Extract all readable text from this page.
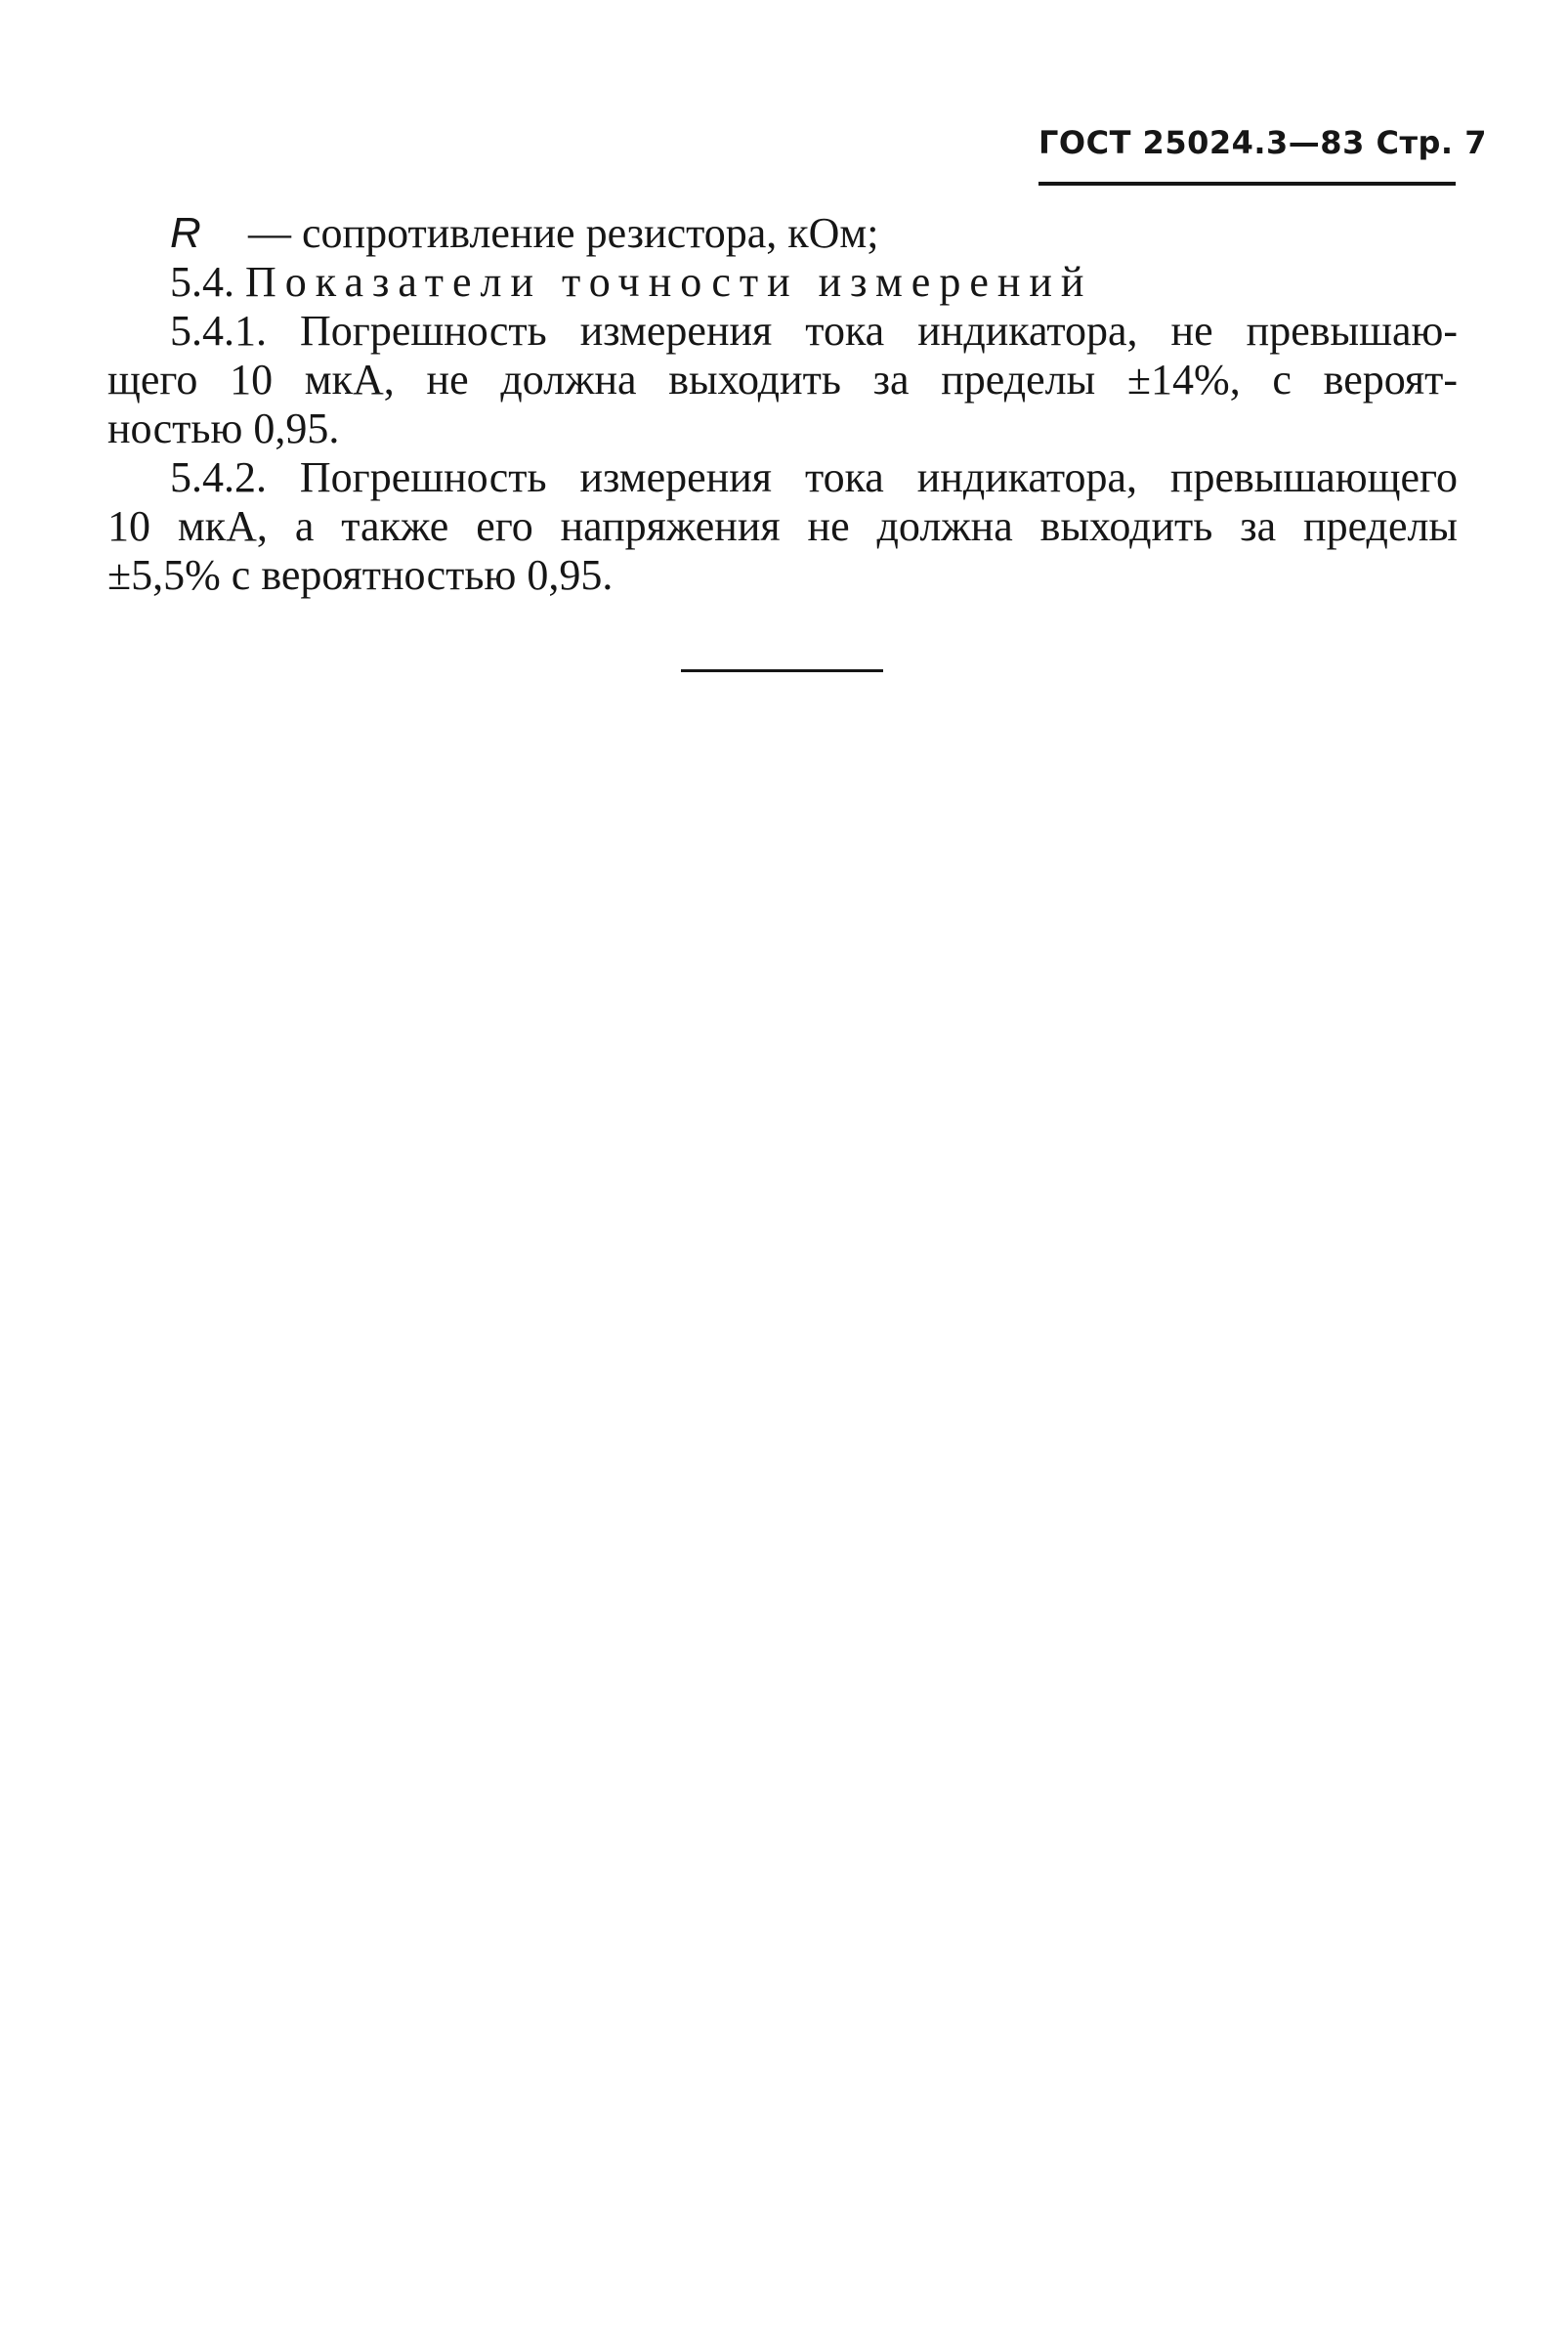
ГОСТ 25024.3—83 Стр. 7
R — сопротивление резистора, кОм;
5.4. Показатели точности измерений
5.4.1. Погрешность измерения тока индикатора, не превышаю-
щего 10 мкА, не должна выходить за пределы ±14%, с вероят-
ностью 0,95.
5.4.2. Погрешность измерения тока индикатора, превышающего
10 мкА, а также его напряжения не должна выходить за пределы
±5,5% с вероятностью 0,95.
